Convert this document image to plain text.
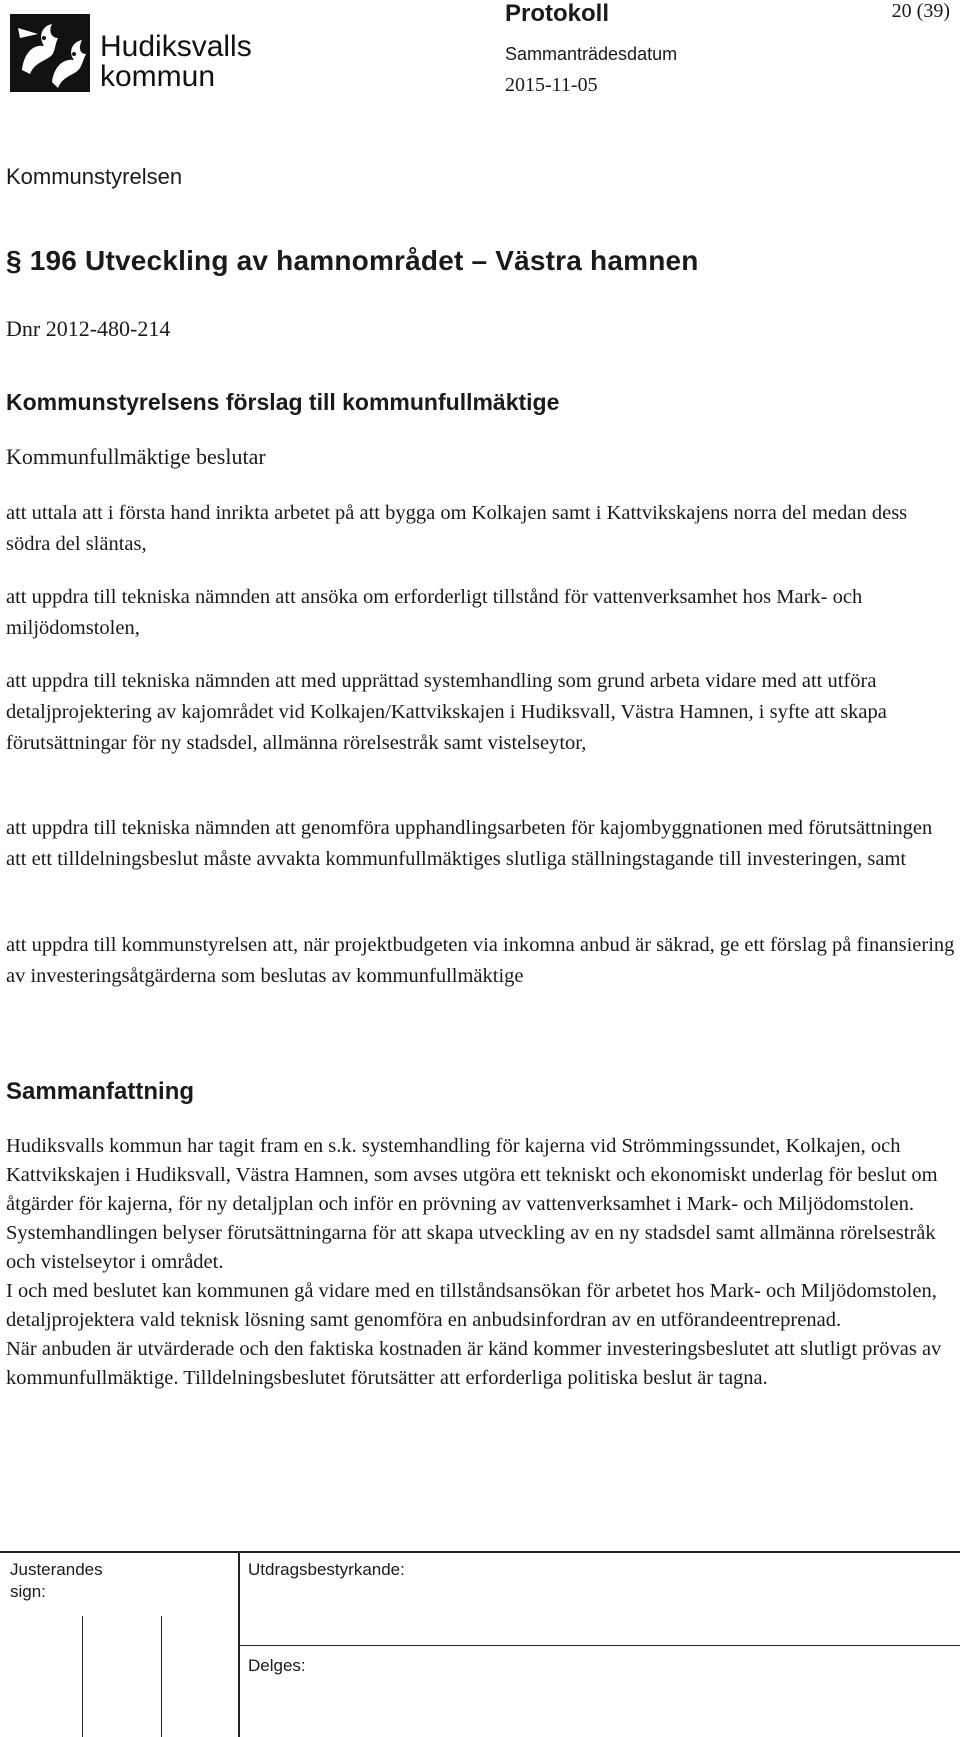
Hudiksvalls
kommun
Protokoll	20 (39)
Sammanträdesdatum
2015-11-05
Kommunstyrelsen
§ 196 Utveckling av hamnområdet – Västra hamnen
Dnr 2012-480-214
Kommunstyrelsens förslag till kommunfullmäktige
Kommunfullmäktige beslutar

att uttala att i första hand inrikta arbetet på att bygga om Kolkajen samt i Kattvikskajens norra del medan dess södra del släntas,

att uppdra till tekniska nämnden att ansöka om erforderligt tillstånd för vattenverksamhet hos Mark- och miljödomstolen,

att uppdra till tekniska nämnden att med upprättad systemhandling som grund arbeta vidare med att utföra detaljprojektering av kajområdet vid Kolkajen/Kattvikskajen i Hudiksvall, Västra Hamnen, i syfte att skapa förutsättningar för ny stadsdel, allmänna rörelsestråk samt vistelseytor,

att uppdra till tekniska nämnden att genomföra upphandlingsarbeten för kajombyggnationen med förutsättningen att ett tilldelningsbeslut måste avvakta kommunfullmäktiges slutliga ställningstagande till investeringen, samt

att uppdra till kommunstyrelsen att, när projektbudgeten via inkomna anbud är säkrad, ge ett förslag på finansiering av investeringsåtgärderna som beslutas av kommunfullmäktige

Sammanfattning

Hudiksvalls kommun har tagit fram en s.k. systemhandling för kajerna vid Strömmingssundet, Kolkajen, och Kattvikskajen i Hudiksvall, Västra Hamnen, som avses utgöra ett tekniskt och ekonomiskt underlag för beslut om åtgärder för kajerna, för ny detaljplan och inför en prövning av vattenverksamhet i Mark- och Miljödomstolen.

Systemhandlingen belyser förutsättningarna för att skapa utveckling av en ny stadsdel samt allmänna rörelsestråk och vistelseytor i området.

I och med beslutet kan kommunen gå vidare med en tillståndsansökan för arbetet hos Mark- och Miljödomstolen, detaljprojektera vald teknisk lösning samt genomföra en anbudsinfordran av en utförandeentreprenad.

När anbuden är utvärderade och den faktiska kostnaden är känd kommer investeringsbeslutet att slutligt prövas av kommunfullmäktige. Tilldelningsbeslutet förutsätter att erforderliga politiska beslut är tagna.

Justerandes
sign:
Utdragsbestyrkande:
Delges:
